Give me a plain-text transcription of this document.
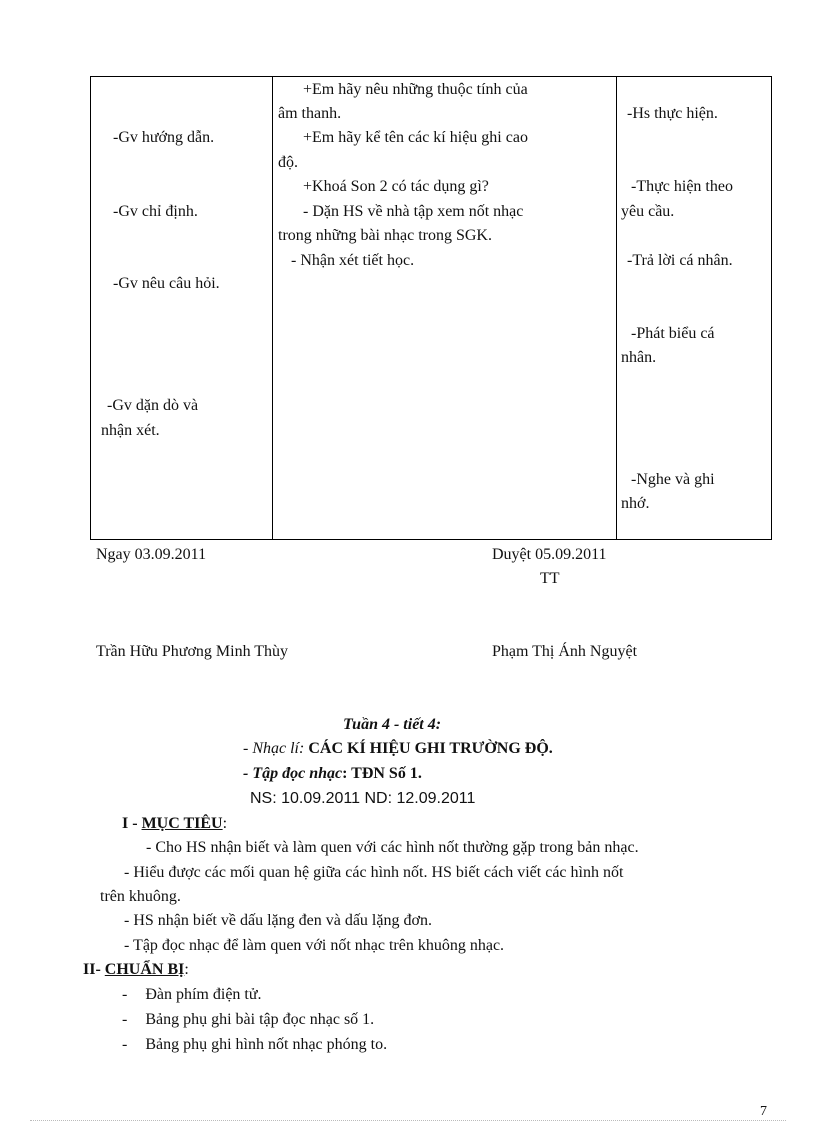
-Gv hướng dẫn.
-Gv chỉ định.
-Gv nêu câu hỏi.
-Gv dặn dò và
nhận xét.
+Em hãy nêu những thuộc tính của
âm thanh.
+Em hãy kể tên các kí hiệu ghi cao
độ.
+Khoá Son 2 có tác dụng gì?
- Dặn HS về nhà tập xem nốt nhạc
trong những bài nhạc trong SGK.
- Nhận xét tiết học.
-Hs thực hiện.
-Thực hiện theo
yêu cầu.
-Trả lời cá nhân.
-Phát biểu cá
nhân.
-Nghe và ghi
nhớ.
Ngay 03.09.2011	Duyệt 05.09.2011
TT
Trần Hữu Phương Minh Thùy	Phạm Thị Ánh Nguyệt
Tuần 4 - tiết 4:
- Nhạc lí: CÁC KÍ HIỆU GHI TRƯỜNG ĐỘ.
- Tập đọc nhạc: TĐN Số 1.
NS: 10.09.2011 ND: 12.09.2011
I - MỤC TIÊU:
- Cho HS nhận biết và làm quen với các hình nốt thường gặp trong bản nhạc.
- Hiểu được các mối quan hệ giữa các hình nốt. HS biết cách viết các hình nốt
trên khuông.
- HS nhận biết về dấu lặng đen và dấu lặng đơn.
- Tập đọc nhạc để làm quen với nốt nhạc trên khuông nhạc.
II- CHUẨN BỊ:
- Đàn phím điện tử.
- Bảng phụ ghi bài tập đọc nhạc số 1.
- Bảng phụ ghi hình nốt nhạc phóng to.
7
